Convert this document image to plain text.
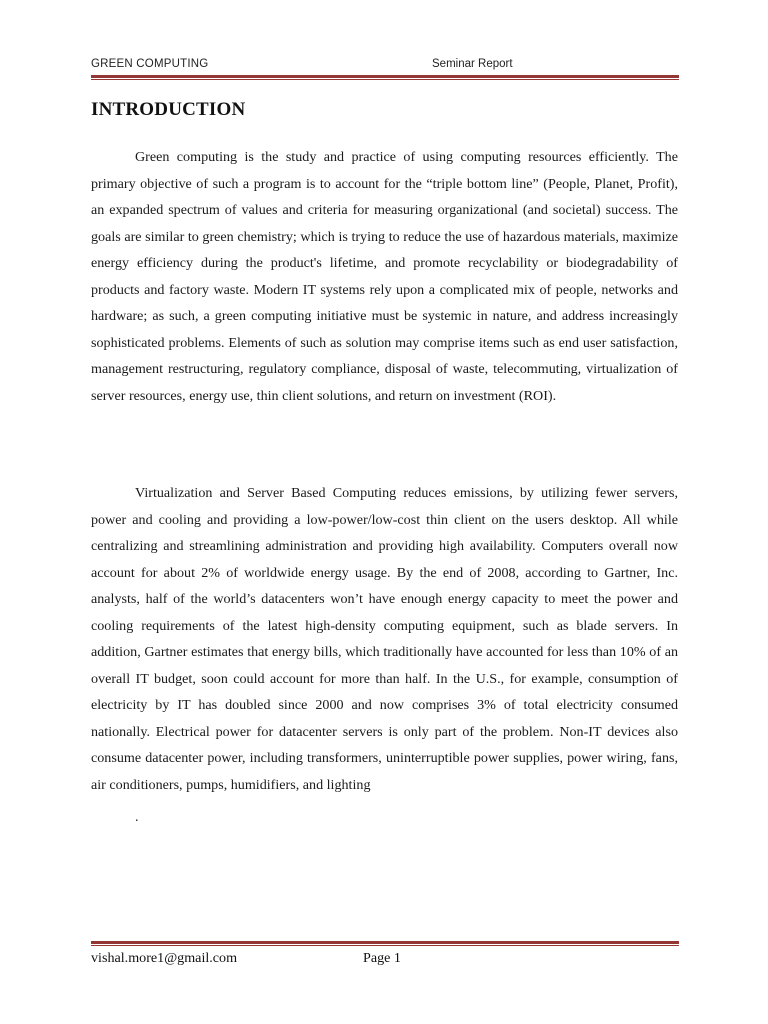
GREEN COMPUTING	Seminar Report
INTRODUCTION

Green computing is the study and practice of using computing resources efficiently. The primary objective of such a program is to account for the “triple bottom line” (People, Planet, Profit), an expanded spectrum of values and criteria for measuring organizational (and societal) success. The goals are similar to green chemistry; which is trying to reduce the use of hazardous materials, maximize energy efficiency during the product's lifetime, and promote recyclability or biodegradability of products and factory waste. Modern IT systems rely upon a complicated mix of people, networks and hardware; as such, a green computing initiative must be systemic in nature, and address increasingly sophisticated problems. Elements of such as solution may comprise items such as end user satisfaction, management restructuring, regulatory compliance, disposal of waste, telecommuting, virtualization of server resources, energy use, thin client solutions, and return on investment (ROI).

Virtualization and Server Based Computing reduces emissions, by utilizing fewer servers, power and cooling and providing a low-power/low-cost thin client on the users desktop. All while centralizing and streamlining administration and providing high availability. Computers overall now account for about 2% of worldwide energy usage. By the end of 2008, according to Gartner, Inc. analysts, half of the world’s datacenters won’t have enough energy capacity to meet the power and cooling requirements of the latest high-density computing equipment, such as blade servers. In addition, Gartner estimates that energy bills, which traditionally have accounted for less than 10% of an overall IT budget, soon could account for more than half. In the U.S., for example, consumption of electricity by IT has doubled since 2000 and now comprises 3% of total electricity consumed nationally. Electrical power for datacenter servers is only part of the problem. Non-IT devices also consume datacenter power, including transformers, uninterruptible power supplies, power wiring, fans, air conditioners, pumps, humidifiers, and lighting

.
vishal.more1@gmail.com	Page 1
